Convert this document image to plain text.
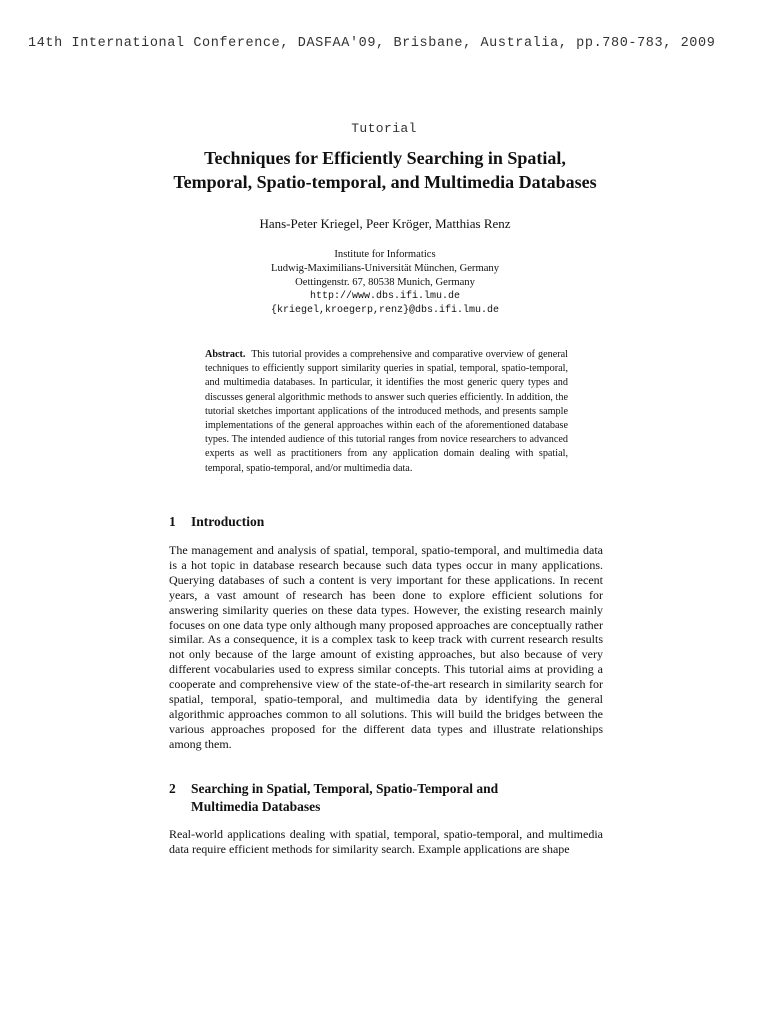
14th International Conference, DASFAA'09, Brisbane, Australia, pp.780-783, 2009
Tutorial
Techniques for Efficiently Searching in Spatial,
Temporal, Spatio-temporal, and Multimedia Databases
Hans-Peter Kriegel, Peer Kröger, Matthias Renz
Institute for Informatics
Ludwig-Maximilians-Universität München, Germany
Oettingenstr. 67, 80538 Munich, Germany
http://www.dbs.ifi.lmu.de
{kriegel,kroegerp,renz}@dbs.ifi.lmu.de

Abstract. This tutorial provides a comprehensive and comparative overview of general techniques to efficiently support similarity queries in spatial, temporal, spatio-temporal, and multimedia databases. In particular, it identifies the most generic query types and discusses general algorithmic methods to answer such queries efficiently. In addition, the tutorial sketches important applications of the introduced methods, and presents sample implementations of the general approaches within each of the aforementioned database types. The intended audience of this tutorial ranges from novice researchers to advanced experts as well as practitioners from any application domain dealing with spatial, temporal, spatio-temporal, and/or multimedia data.

1 Introduction

The management and analysis of spatial, temporal, spatio-temporal, and multimedia data is a hot topic in database research because such data types occur in many applications. Querying databases of such a content is very important for these applications. In recent years, a vast amount of research has been done to explore efficient solutions for answering similarity queries on these data types. However, the existing research mainly focuses on one data type only although many proposed approaches are conceptually rather similar. As a consequence, it is a complex task to keep track with current research results not only because of the large amount of existing approaches, but also because of very different vocabularies used to express similar concepts. This tutorial aims at providing a cooperate and comprehensive view of the state-of-the-art research in similarity search for spatial, temporal, spatio-temporal, and multimedia data by identifying the general algorithmic approaches common to all solutions. This will build the bridges between the various approaches proposed for the different data types and illustrate relationships among them.

2 Searching in Spatial, Temporal, Spatio-Temporal and
Multimedia Databases

Real-world applications dealing with spatial, temporal, spatio-temporal, and multimedia data require efficient methods for similarity search. Example applications are shape
